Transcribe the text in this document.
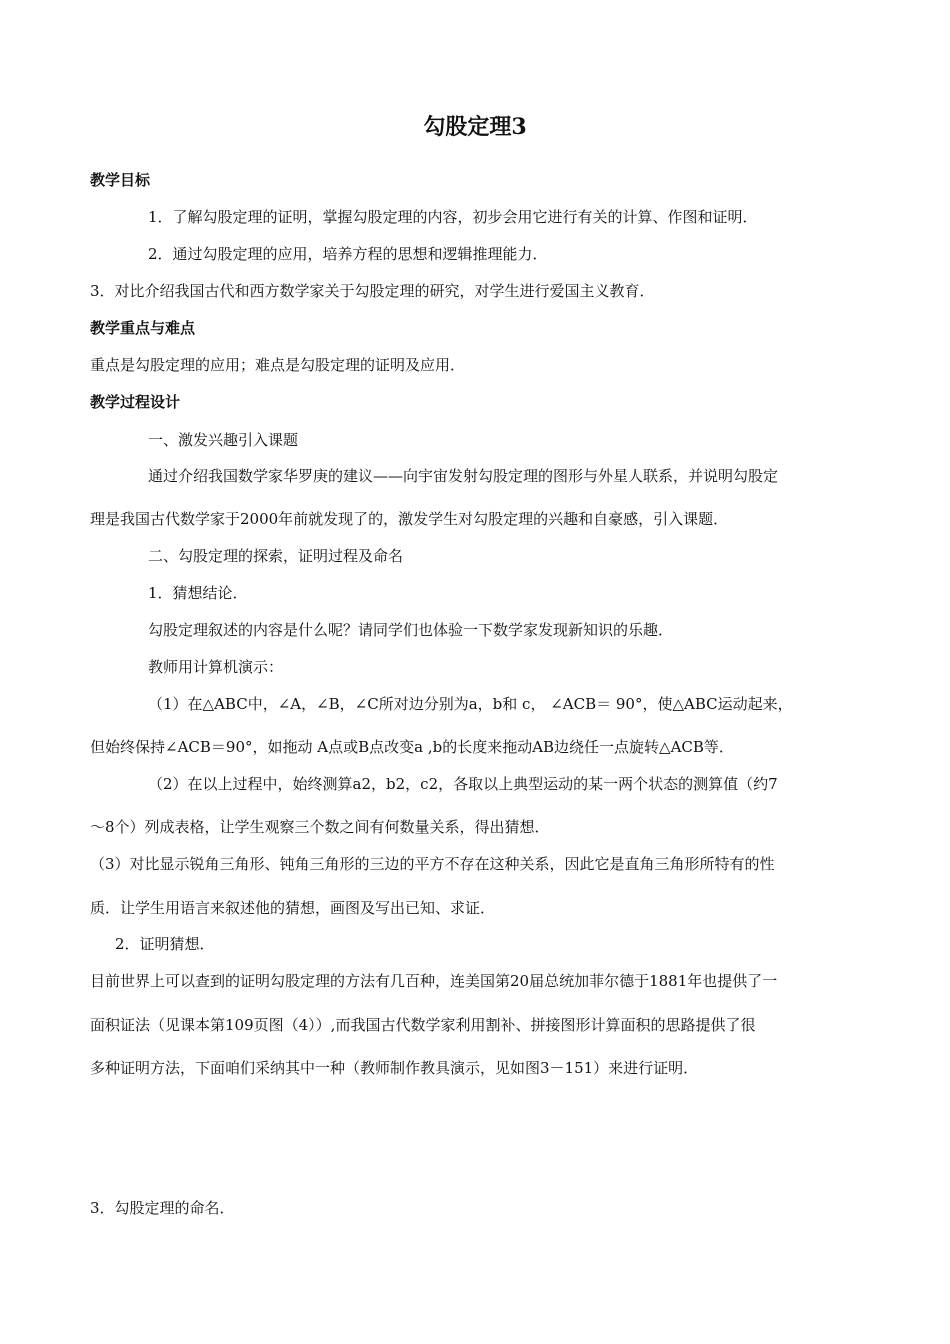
勾股定理3
教学目标
1．了解勾股定理的证明，掌握勾股定理的内容，初步会用它进行有关的计算、作图和证明．
2．通过勾股定理的应用，培养方程的思想和逻辑推理能力．
3．对比介绍我国古代和西方数学家关于勾股定理的研究，对学生进行爱国主义教育．
教学重点与难点
重点是勾股定理的应用；难点是勾股定理的证明及应用．
教学过程设计
一、激发兴趣引入课题
通过介绍我国数学家华罗庚的建议——向宇宙发射勾股定理的图形与外星人联系，并说明勾股定
理是我国古代数学家于2000年前就发现了的，激发学生对勾股定理的兴趣和自豪感，引入课题．
二、勾股定理的探索，证明过程及命名
1．猜想结论．
勾股定理叙述的内容是什么呢？请同学们也体验一下数学家发现新知识的乐趣．
教师用计算机演示：
（1）在△ABC中，∠A，∠B，∠C所对边分别为a，b和 c， ∠ACB＝ 90°，使△ABC运动起来，
但始终保持∠ACB＝90°，如拖动 A点或B点改变a ,b的长度来拖动AB边绕任一点旋转△ACB等．
（2）在以上过程中，始终测算a2，b2，c2，各取以上典型运动的某一两个状态的测算值（约7
～8个）列成表格，让学生观察三个数之间有何数量关系，得出猜想．
（3）对比显示锐角三角形、钝角三角形的三边的平方不存在这种关系，因此它是直角三角形所特有的性
质．让学生用语言来叙述他的猜想，画图及写出已知、求证．
2．证明猜想．
目前世界上可以查到的证明勾股定理的方法有几百种，连美国第20届总统加菲尔德于1881年也提供了一
面积证法（见课本第109页图（4））,而我国古代数学家利用割补、拼接图形计算面积的思路提供了很
多种证明方法，下面咱们采纳其中一种（教师制作教具演示，见如图3－151）来进行证明．
3．勾股定理的命名．
